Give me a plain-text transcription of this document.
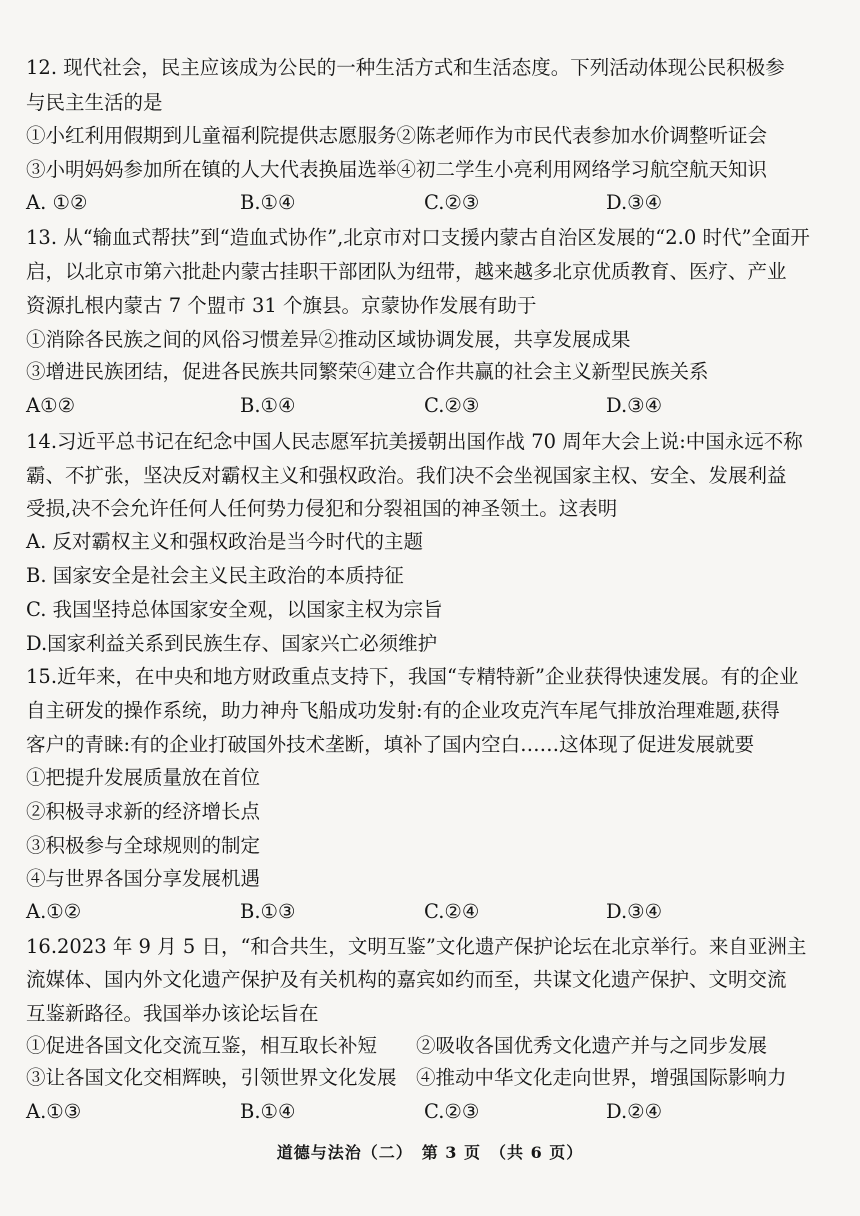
12. 现代社会，民主应该成为公民的一种生活方式和生活态度。下列活动体现公民积极参
与民主生活的是
①小红利用假期到儿童福利院提供志愿服务②陈老师作为市民代表参加水价调整听证会
③小明妈妈参加所在镇的人大代表换届选举④初二学生小亮利用网络学习航空航天知识
A. ①②	B.①④	C.②③	D.③④
13. 从“输血式帮扶”到“造血式协作”,北京市对口支援内蒙古自治区发展的“2.0 时代”全面开
启，以北京市第六批赴内蒙古挂职干部团队为纽带，越来越多北京优质教育、医疗、产业
资源扎根内蒙古 7 个盟市 31 个旗县。京蒙协作发展有助于
①消除各民族之间的风俗习惯差异②推动区域协调发展，共享发展成果
③增进民族团结，促进各民族共同繁荣④建立合作共赢的社会主义新型民族关系
A①②	B.①④	C.②③	D.③④
14.习近平总书记在纪念中国人民志愿军抗美援朝出国作战 70 周年大会上说:中国永远不称
霸、不扩张，坚决反对霸权主义和强权政治。我们决不会坐视国家主权、安全、发展利益
受损,决不会允许任何人任何势力侵犯和分裂祖国的神圣领土。这表明
A. 反对霸权主义和强权政治是当今时代的主题
B. 国家安全是社会主义民主政治的本质持征
C. 我国坚持总体国家安全观，以国家主权为宗旨
D.国家利益关系到民族生存、国家兴亡必须维护
15.近年来，在中央和地方财政重点支持下，我国“专精特新”企业获得快速发展。有的企业
自主研发的操作系统，助力神舟飞船成功发射:有的企业攻克汽车尾气排放治理难题,获得
客户的青睐:有的企业打破国外技术垄断，填补了国内空白……这体现了促进发展就要
①把提升发展质量放在首位
②积极寻求新的经济增长点
③积极参与全球规则的制定
④与世界各国分享发展机遇
A.①②	B.①③	C.②④	D.③④
16.2023 年 9 月 5 日，“和合共生，文明互鉴”文化遗产保护论坛在北京举行。来自亚洲主
流媒体、国内外文化遗产保护及有关机构的嘉宾如约而至，共谋文化遗产保护、文明交流
互鉴新路径。我国举办该论坛旨在
①促进各国文化交流互鉴，相互取长补短　　②吸收各国优秀文化遗产并与之同步发展
③让各国文化交相辉映，引领世界文化发展　④推动中华文化走向世界，增强国际影响力
A.①③	B.①④	C.②③	D.②④
道德与法治（二）　第 3 页　（共 6 页）
